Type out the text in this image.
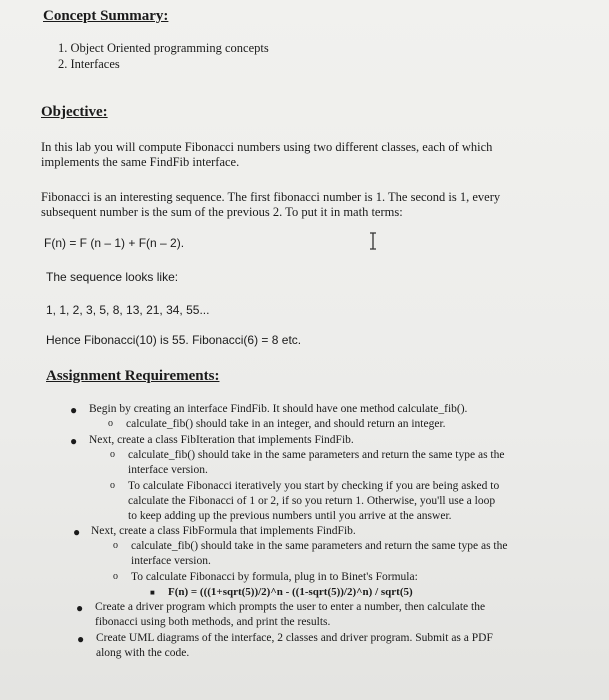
Concept Summary:
1. Object Oriented programming concepts
2. Interfaces
Objective:
In this lab you will compute Fibonacci numbers using two different classes, each of which
implements the same FindFib interface.
Fibonacci is an interesting sequence. The first fibonacci number is 1. The second is 1, every
subsequent number is the sum of the previous 2. To put it in math terms:
F(n) = F (n – 1) + F(n – 2).
The sequence looks like:
1, 1, 2, 3, 5, 8, 13, 21, 34, 55...
Hence Fibonacci(10) is 55. Fibonacci(6) = 8 etc.
Assignment Requirements:
● Begin by creating an interface FindFib. It should have one method calculate_fib().
o calculate_fib() should take in an integer, and should return an integer.
● Next, create a class FibIteration that implements FindFib.
o calculate_fib() should take in the same parameters and return the same type as the
interface version.
o To calculate Fibonacci iteratively you start by checking if you are being asked to
calculate the Fibonacci of 1 or 2, if so you return 1. Otherwise, you'll use a loop
to keep adding up the previous numbers until you arrive at the answer.
● Next, create a class FibFormula that implements FindFib.
o calculate_fib() should take in the same parameters and return the same type as the
interface version.
o To calculate Fibonacci by formula, plug in to Binet's Formula:
■ F(n) = (((1+sqrt(5))/2)^n - ((1-sqrt(5))/2)^n) / sqrt(5)
● Create a driver program which prompts the user to enter a number, then calculate the
fibonacci using both methods, and print the results.
● Create UML diagrams of the interface, 2 classes and driver program. Submit as a PDF
along with the code.
